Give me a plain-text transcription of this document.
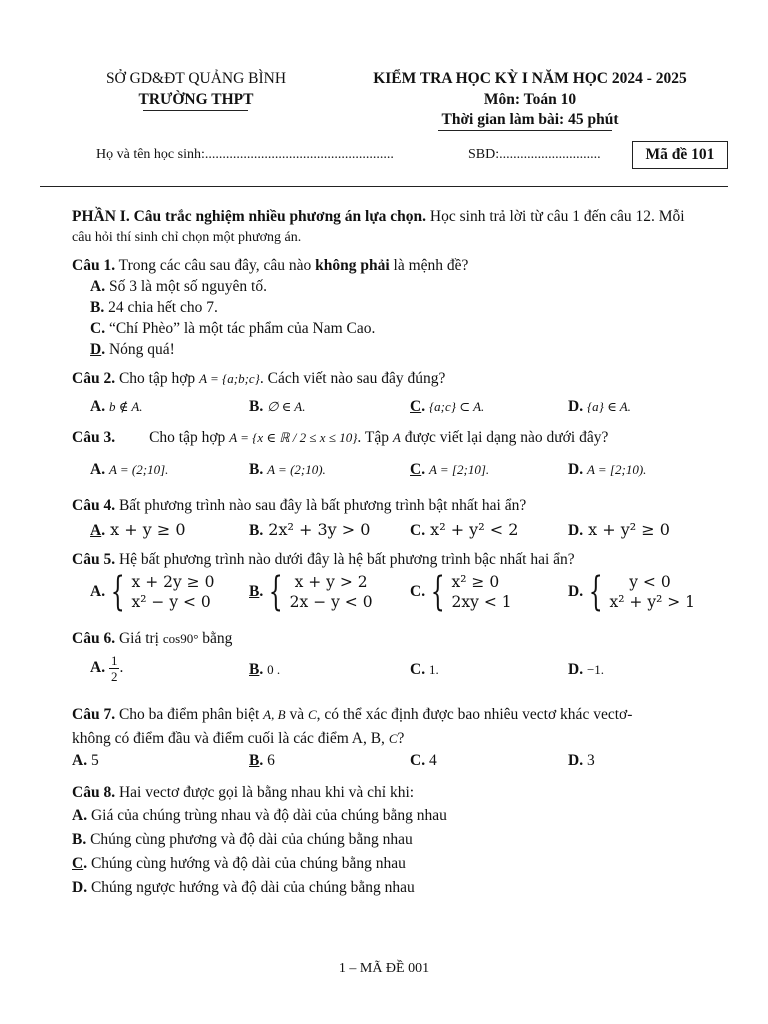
SỞ GD&ĐT QUẢNG BÌNH
TRƯỜNG THPT
KIỂM TRA HỌC KỲ I NĂM HỌC 2024 - 2025
Môn: Toán 10
Thời gian làm bài: 45 phút
Họ và tên học sinh:......................................................	SBD:.............................	Mã đề 101
PHẦN I. Câu trắc nghiệm nhiều phương án lựa chọn. Học sinh trả lời từ câu 1 đến câu 12. Mỗi
câu hỏi thí sinh chỉ chọn một phương án.
Câu 1. Trong các câu sau đây, câu nào không phải là mệnh đề?
A. Số 3 là một số nguyên tố.
B. 24 chia hết cho 7.
C. “Chí Phèo” là một tác phẩm của Nam Cao.
D. Nóng quá!
Câu 2. Cho tập hợp A = {a;b;c}. Cách viết nào sau đây đúng?
A. b ∉ A.	B. ∅ ∈ A.	C. {a;c} ⊂ A.	D. {a} ∈ A.
Câu 3. Cho tập hợp A = {x ∈ ℝ / 2 ≤ x ≤ 10}. Tập A được viết lại dạng nào dưới đây?
A. A = (2;10].	B. A = (2;10).	C. A = [2;10].	D. A = [2;10).
Câu 4. Bất phương trình nào sau đây là bất phương trình bật nhất hai ẩn?
A. x + y ≥ 0	B. 2x² + 3y > 0	C. x² + y² < 2	D. x + y² ≥ 0
Câu 5. Hệ bất phương trình nào dưới đây là hệ bất phương trình bậc nhất hai ẩn?
A. { x + 2y ≥ 0
x² − y < 0
B . { x + y > 2
2x − y < 0
C. { x² ≥ 0
2xy < 1
D. { y < 0
x² + y² > 1
Câu 6. Giá trị cos90° bằng
A. $\frac{1}{2}$ .	B. 0 .	C. 1.	D. −1.
Câu 7. Cho ba điểm phân biệt A, B và C, có thể xác định được bao nhiêu vectơ khác vectơ-
không có điểm đầu và điểm cuối là các điểm A, B, C?
A. 5	B. 6	C. 4	D. 3
Câu 8. Hai vectơ được gọi là bằng nhau khi và chỉ khi:
A. Giá của chúng trùng nhau và độ dài của chúng bằng nhau
B. Chúng cùng phương và độ dài của chúng bằng nhau
C. Chúng cùng hướng và độ dài của chúng bằng nhau
D. Chúng ngược hướng và độ dài của chúng bằng nhau
1 – MÃ ĐỀ 001
